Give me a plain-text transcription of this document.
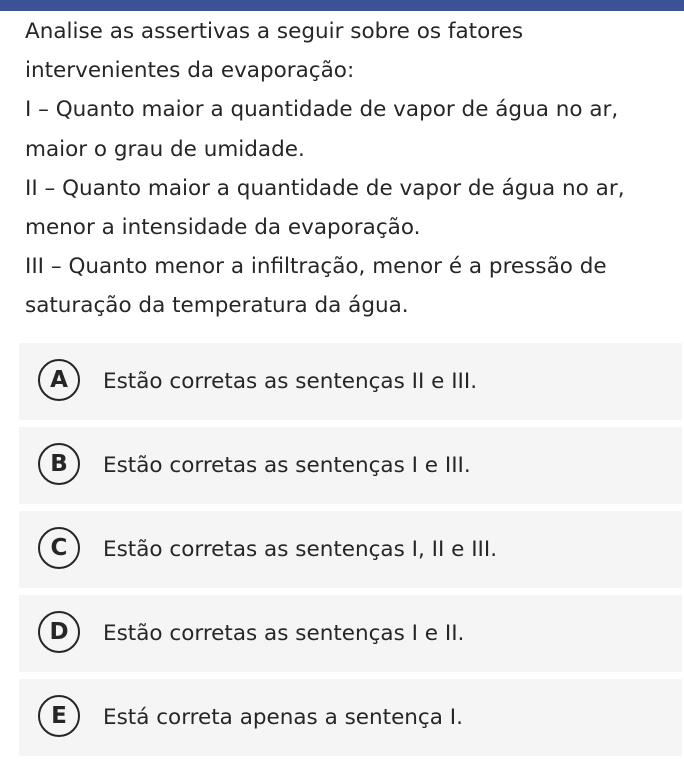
Analise as assertivas a seguir sobre os fatores intervenientes da evaporação:

I – Quanto maior a quantidade de vapor de água no ar, maior o grau de umidade.

II – Quanto maior a quantidade de vapor de água no ar, menor a intensidade da evaporação.

III – Quanto menor a infiltração, menor é a pressão de saturação da temperatura da água.

A	Estão corretas as sentenças II e III.
B	Estão corretas as sentenças I e III.
C	Estão corretas as sentenças I, II e III.
D	Estão corretas as sentenças I e II.
E	Está correta apenas a sentença I.
